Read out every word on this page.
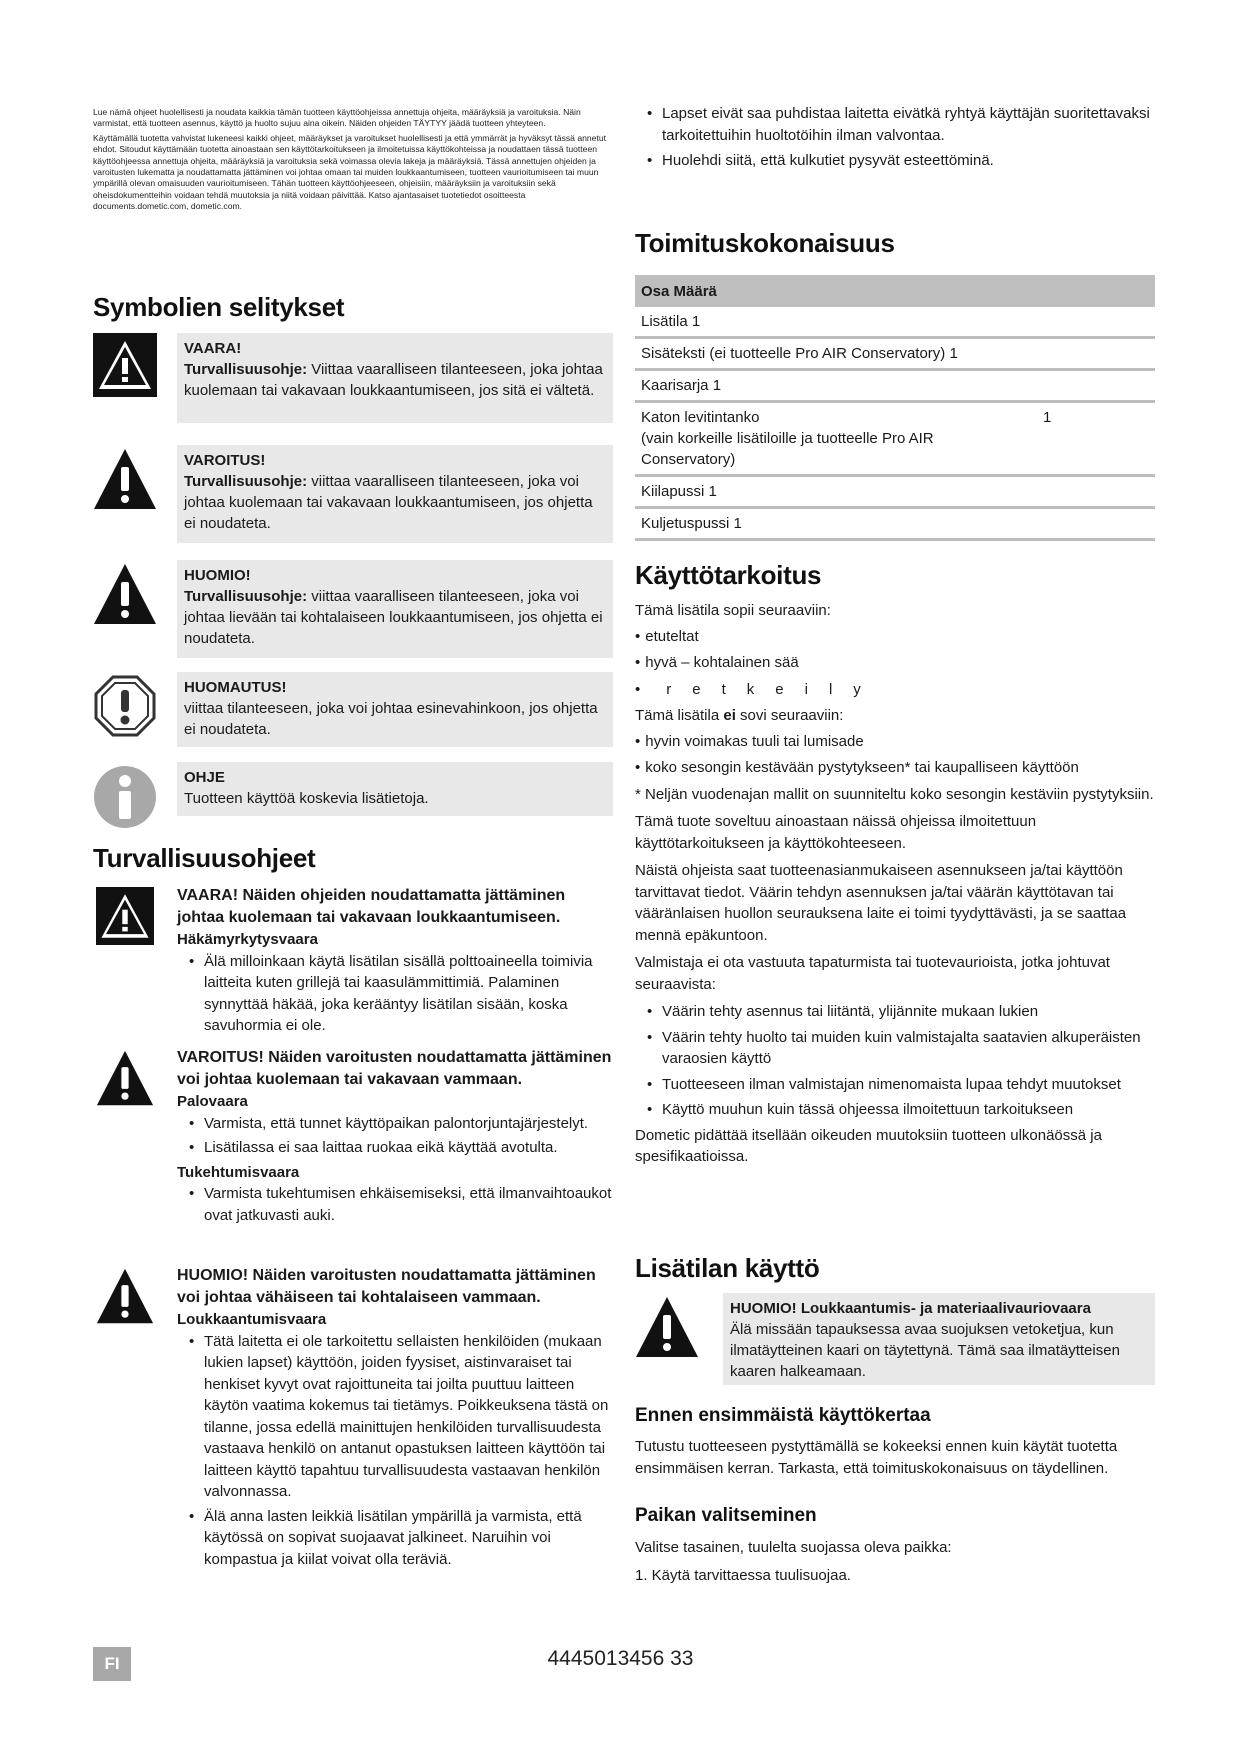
Lue nämä ohjeet huolellisesti ja noudata kaikkia tämän tuotteen käyttöohjeissa annettuja ohjeita, määräyksiä ja varoituksia. Näin varmistat, että tuotteen asennus, käyttö ja huolto sujuu aina oikein. Näiden ohjeiden TÄYTYY jäädä tuotteen yhteyteen.

Käyttämällä tuotetta vahvistat lukeneesi kaikki ohjeet, määräykset ja varoitukset huolellisesti ja että ymmärrät ja hyväksyt tässä annetut ehdot. Sitoudut käyttämään tuotetta ainoastaan sen käyttötarkoitukseen ja ilmoitetuissa käyttökohteissa ja noudattaen tässä tuotteen käyttöohjeessa annettuja ohjeita, määräyksiä ja varoituksia sekä voimassa olevia lakeja ja määräyksiä. Tässä annettujen ohjeiden ja varoitusten lukematta ja noudattamatta jättäminen voi johtaa omaan tai muiden loukkaantumiseen, tuotteen vaurioitumiseen tai muun ympärillä olevan omaisuuden vaurioitumiseen. Tähän tuotteen käyttöohjeeseen, ohjeisiin, määräyksiin ja varoituksiin sekä oheisdokumentteihin voidaan tehdä muutoksia ja niitä voidaan päivittää. Katso ajantasaiset tuotetiedot osoitteesta documents.dometic.com, dometic.com.

Symbolien selitykset
VAARA!
Turvallisuusohje: Viittaa vaaralliseen tilanteeseen, joka johtaa kuolemaan tai vakavaan loukkaantumiseen, jos sitä ei vältetä.
VAROITUS!
Turvallisuusohje: viittaa vaaralliseen tilanteeseen, joka voi johtaa kuolemaan tai vakavaan loukkaantumiseen, jos ohjetta ei noudateta.
HUOMIO!
Turvallisuusohje: viittaa vaaralliseen tilanteeseen, joka voi johtaa lievään tai kohtalaiseen loukkaantumiseen, jos ohjetta ei noudateta.
HUOMAUTUS!
viittaa tilanteeseen, joka voi johtaa esinevahinkoon, jos ohjetta ei noudateta.
OHJE
Tuotteen käyttöä koskevia lisätietoja.
Turvallisuusohjeet
VAARA! Näiden ohjeiden noudattamatta jättäminen johtaa kuolemaan tai vakavaan loukkaantumiseen.
Häkämyrkytysvaara
• Älä milloinkaan käytä lisätilan sisällä polttoaineella toimivia laitteita kuten grillejä tai kaasulämmittimiä. Palaminen synnyttää häkää, joka kerääntyy lisätilan sisään, koska savuhormia ei ole.
VAROITUS! Näiden varoitusten noudattamatta jättäminen voi johtaa kuolemaan tai vakavaan vammaan.
Palovaara
• Varmista, että tunnet käyttöpaikan palontorjuntajärjestelyt.
• Lisätilassa ei saa laittaa ruokaa eikä käyttää avotulta.
Tukehtumisvaara
• Varmista tukehtumisen ehkäisemiseksi, että ilmanvaihtoaukot ovat jatkuvasti auki.
HUOMIO! Näiden varoitusten noudattamatta jättäminen voi johtaa vähäiseen tai kohtalaiseen vammaan.
Loukkaantumisvaara
• Tätä laitetta ei ole tarkoitettu sellaisten henkilöiden (mukaan lukien lapset) käyttöön, joiden fyysiset, aistinvaraiset tai henkiset kyvyt ovat rajoittuneita tai joilta puuttuu laitteen käytön vaatima kokemus tai tietämys. Poikkeuksena tästä on tilanne, jossa edellä mainittujen henkilöiden turvallisuudesta vastaava henkilö on antanut opastuksen laitteen käyttöön tai laitteen käyttö tapahtuu turvallisuudesta vastaavan henkilön valvonnassa.
• Älä anna lasten leikkiä lisätilan ympärillä ja varmista, että käytössä on sopivat suojaavat jalkineet. Naruihin voi kompastua ja kiilat voivat olla teräviä.
• Lapset eivät saa puhdistaa laitetta eivätkä ryhtyä käyttäjän suoritettavaksi tarkoitettuihin huoltotöihin ilman valvontaa.
• Huolehdi siitä, että kulkutiet pysyvät esteettöminä.
Toimituskokonaisuus
Osa Määrä
Lisätila 1
Sisäteksti (ei tuotteelle Pro AIR Conservatory) 1
Kaarisarja 1
Katon levitintanko
(vain korkeille lisätiloille ja tuotteelle Pro AIR Conservatory)	1
Kiilapussi 1
Kuljetuspussi 1
Käyttötarkoitus

Tämä lisätila sopii seuraaviin:

• etuteltat
• hyvä – kohtalainen sää
• retkeily

Tämä lisätila ei sovi seuraaviin:

• hyvin voimakas tuuli tai lumisade
• koko sesongin kestävään pystytykseen* tai kaupalliseen käyttöön

* Neljän vuodenajan mallit on suunniteltu koko sesongin kestäviin pystytyksiin.

Tämä tuote soveltuu ainoastaan näissä ohjeissa ilmoitettuun käyttötarkoitukseen ja käyttökohteeseen.

Näistä ohjeista saat tuotteenasianmukaiseen asennukseen ja/tai käyttöön tarvittavat tiedot. Väärin tehdyn asennuksen ja/tai väärän käyttötavan tai vääränlaisen huollon seurauksena laite ei toimi tyydyttävästi, ja se saattaa mennä epäkuntoon.

Valmistaja ei ota vastuuta tapaturmista tai tuotevaurioista, jotka johtuvat seuraavista:

• Väärin tehty asennus tai liitäntä, ylijännite mukaan lukien
• Väärin tehty huolto tai muiden kuin valmistajalta saatavien alkuperäisten varaosien käyttö
• Tuotteeseen ilman valmistajan nimenomaista lupaa tehdyt muutokset
• Käyttö muuhun kuin tässä ohjeessa ilmoitettuun tarkoitukseen

Dometic pidättää itsellään oikeuden muutoksiin tuotteen ulkonäössä ja spesifikaatioissa.

Lisätilan käyttö
HUOMIO! Loukkaantumis- ja materiaalivauriovaara
Älä missään tapauksessa avaa suojuksen vetoketjua, kun ilmatäytteinen kaari on täytettynä. Tämä saa ilmatäytteisen kaaren halkeamaan.
Ennen ensimmäistä käyttökertaa
Tutustu tuotteeseen pystyttämällä se kokeeksi ennen kuin käytät tuotetta ensimmäisen kerran. Tarkasta, että toimituskokonaisuus on täydellinen.
Paikan valitseminen

Valitse tasainen, tuulelta suojassa oleva paikka:

1. Käytä tarvittaessa tuulisuojaa.

FI	4445013456 33
